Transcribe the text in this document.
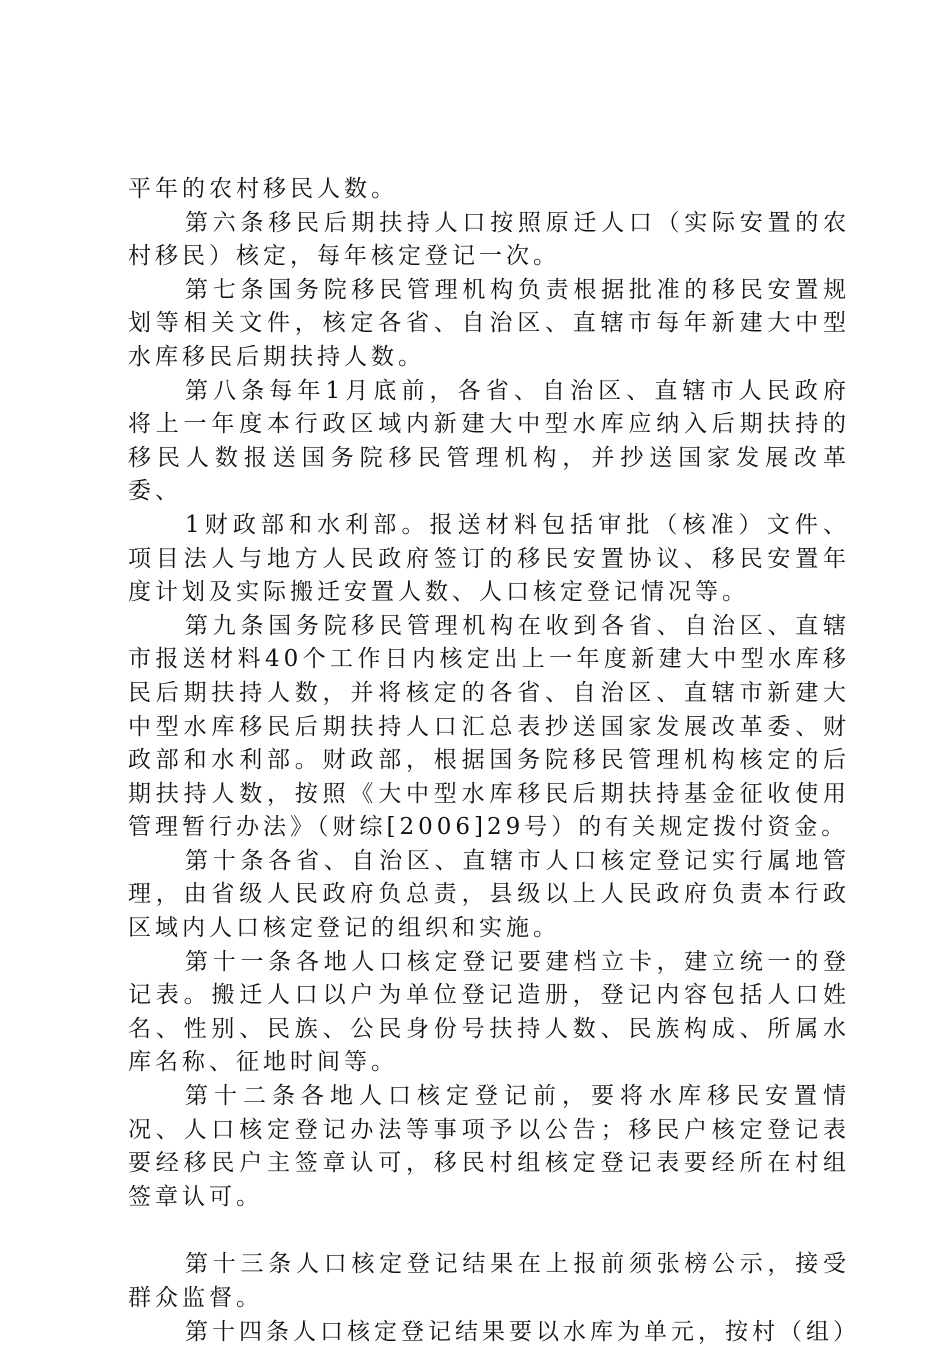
平年的农村移民人数。

第六条移民后期扶持人口按照原迁人口（实际安置的农村移民）核定，每年核定登记一次。

第七条国务院移民管理机构负责根据批准的移民安置规划等相关文件，核定各省、自治区、直辖市每年新建大中型水库移民后期扶持人数。

第八条每年1月底前，各省、自治区、直辖市人民政府将上一年度本行政区域内新建大中型水库应纳入后期扶持的移民人数报送国务院移民管理机构，并抄送国家发展改革委、

1财政部和水利部。报送材料包括审批（核准）文件、项目法人与地方人民政府签订的移民安置协议、移民安置年度计划及实际搬迁安置人数、人口核定登记情况等。

第九条国务院移民管理机构在收到各省、自治区、直辖市报送材料40个工作日内核定出上一年度新建大中型水库移民后期扶持人数，并将核定的各省、自治区、直辖市新建大中型水库移民后期扶持人口汇总表抄送国家发展改革委、财政部和水利部。财政部，根据国务院移民管理机构核定的后期扶持人数，按照《大中型水库移民后期扶持基金征收使用管理暂行办法》（财综[2006]29号）的有关规定拨付资金。

第十条各省、自治区、直辖市人口核定登记实行属地管理，由省级人民政府负总责，县级以上人民政府负责本行政区域内人口核定登记的组织和实施。

第十一条各地人口核定登记要建档立卡，建立统一的登记表。搬迁人口以户为单位登记造册，登记内容包括人口姓名、性别、民族、公民身份号扶持人数、民族构成、所属水库名称、征地时间等。

第十二条各地人口核定登记前，要将水库移民安置情况、人口核定登记办法等事项予以公告；移民户核定登记表要经移民户主签章认可，移民村组核定登记表要经所在村组签章认可。

第十三条人口核定登记结果在上报前须张榜公示，接受群众监督。

第十四条人口核定登记结果要以水库为单元，按村（组）
